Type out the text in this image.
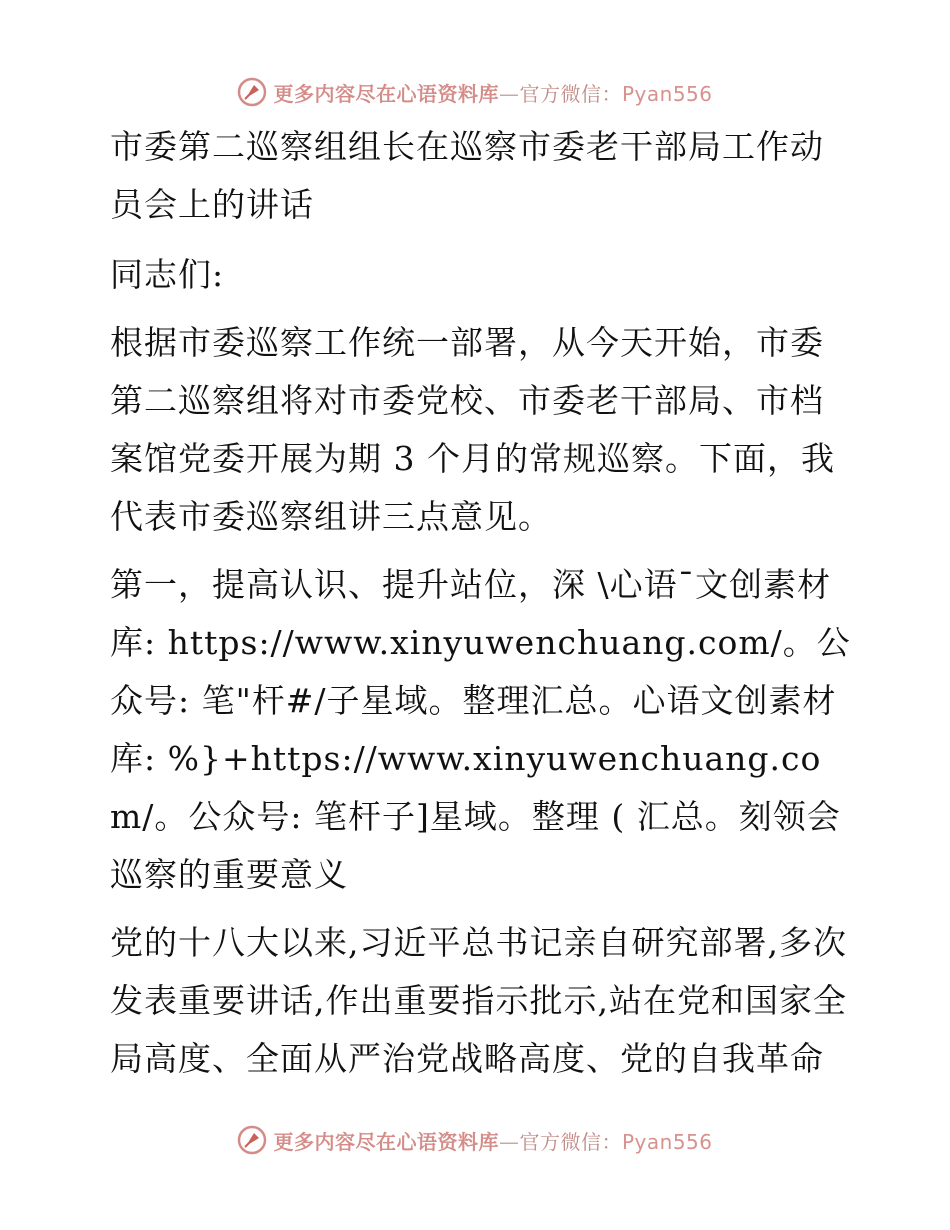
更多内容尽在心语资料库—官方微信：Pyan556

市委第二巡察组组长在巡察市委老干部局工作动员会上的讲话

同志们:

根据市委巡察工作统一部署，从今天开始，市委第二巡察组将对市委党校、市委老干部局、市档案馆党委开展为期 3 个月的常规巡察。下面，我代表市委巡察组讲三点意见。

第一，提高认识、提升站位，深 \心语¯文创素材库: https://www.xinyuwenchuang.com/。公众号: 笔"杆#/子星域。整理汇总。心语文创素材库: %}+https://www.xinyuwenchuang.com/。公众号: 笔杆子]星域。整理 ( 汇总。刻领会巡察的重要意义

党的十八大以来,习近平总书记亲自研究部署,多次发表重要讲话,作出重要指示批示,站在党和国家全局高度、全面从严治党战略高度、党的自我革命

更多内容尽在心语资料库—官方微信：Pyan556
